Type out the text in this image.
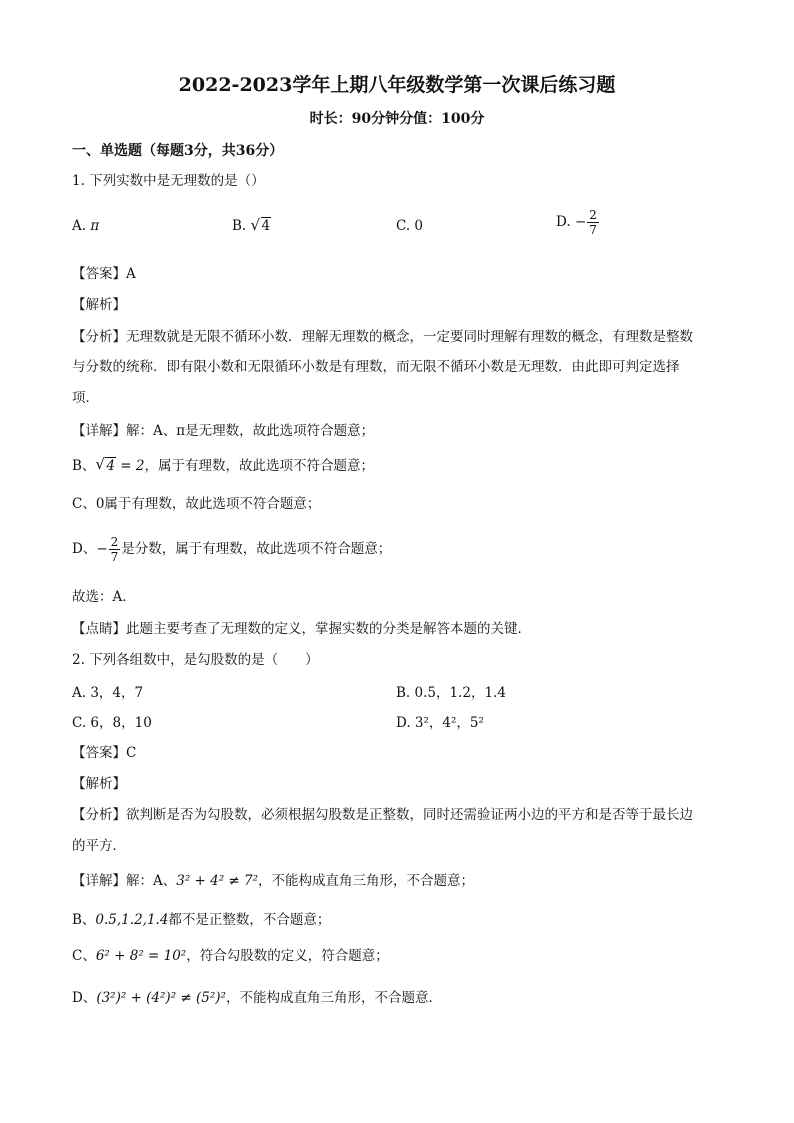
2022-2023学年上期八年级数学第一次课后练习题
时长：90分钟分值：100分
一、单选题（每题3分，共36分）
1. 下列实数中是无理数的是（）
A. π	B. √ 4	C. 0	D. − $\frac{2}{7}$
【答案】A
【解析】
【分析】无理数就是无限不循环小数．理解无理数的概念，一定要同时理解有理数的概念，有理数是整数
与分数的统称．即有限小数和无限循环小数是有理数，而无限不循环小数是无理数．由此即可判定选择
项．
【详解】解：A、π是无理数，故此选项符合题意；
B、 √ 4 = 2，属于有理数，故此选项不符合题意；
C、0属于有理数，故此选项不符合题意；
D、− $\frac{2}{7}$ 是分数，属于有理数，故此选项不符合题意；
故选：A．
【点睛】此题主要考查了无理数的定义，掌握实数的分类是解答本题的关键．
2. 下列各组数中，是勾股数的是（　　）
A. 3，4，7	B. 0.5，1.2，1.4
C. 6，8，10	D. 3²，4²，5²
【答案】C
【解析】
【分析】欲判断是否为勾股数，必须根据勾股数是正整数，同时还需验证两小边的平方和是否等于最长边
的平方．
【详解】解：A、3² + 4² ≠ 7²，不能构成直角三角形，不合题意；
B、0.5,1.2,1.4都不是正整数，不合题意；
C、6² + 8² = 10²，符合勾股数的定义，符合题意；
D、(3²)² + (4²)² ≠ (5²)²，不能构成直角三角形，不合题意．
